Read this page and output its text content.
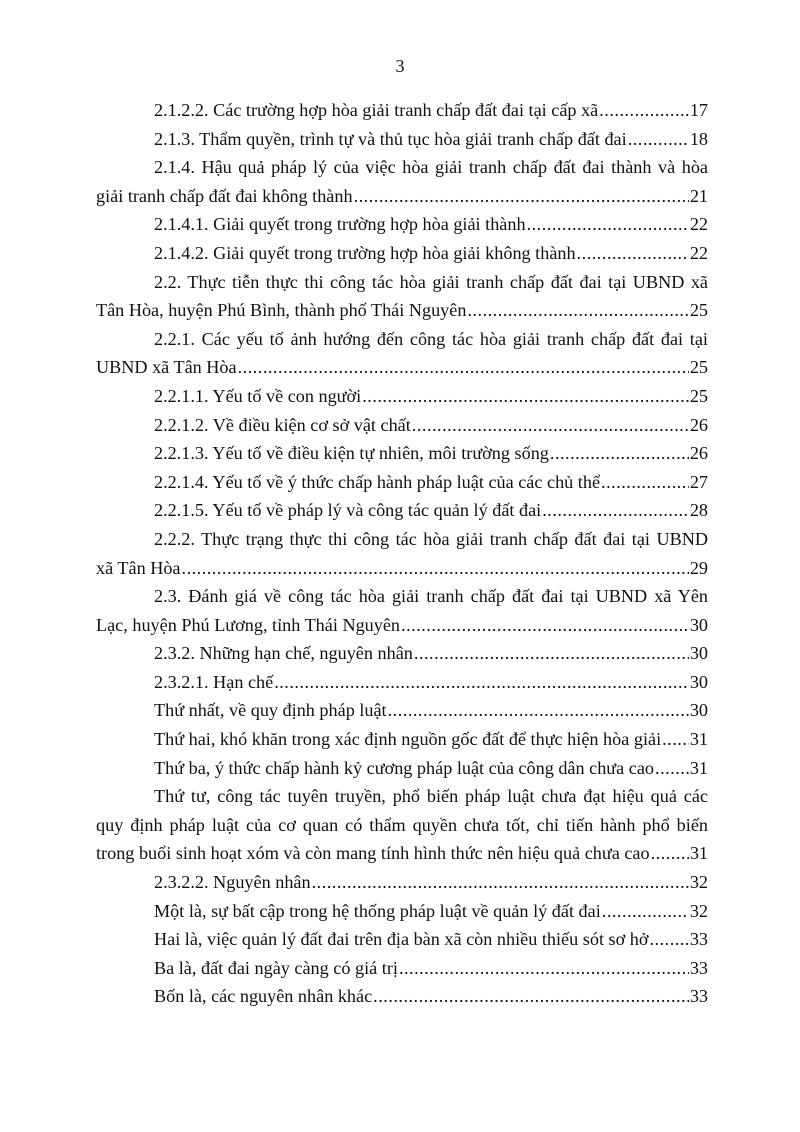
3
2.1.2.2. Các trường hợp hòa giải tranh chấp đất đai tại cấp xã .....	17
2.1.3. Thẩm quyền, trình tự và thủ tục hòa giải tranh chấp đất đai .....	18
2.1.4. Hậu quả pháp lý của việc hòa giải tranh chấp đất đai thành và hòa
giải tranh chấp đất đai không thành .....	21
2.1.4.1. Giải quyết trong trường hợp hòa giải thành .....	22
2.1.4.2. Giải quyết trong trường hợp hòa giải không thành .....	22
2.2. Thực tiễn thực thi công tác hòa giải tranh chấp đất đai tại UBND xã
Tân Hòa, huyện Phú Bình, thành phố Thái Nguyên .....	25
2.2.1. Các yếu tố ảnh hướng đến công tác hòa giải tranh chấp đất đai tại
UBND xã Tân Hòa .....	25
2.2.1.1. Yếu tố về con người .....	25
2.2.1.2. Về điều kiện cơ sở vật chất .....	26
2.2.1.3. Yếu tố về điều kiện tự nhiên, môi trường sống .....	26
2.2.1.4. Yếu tố về ý thức chấp hành pháp luật của các chủ thể .....	27
2.2.1.5. Yếu tố về pháp lý và công tác quản lý đất đai .....	28
2.2.2. Thực trạng thực thi công tác hòa giải tranh chấp đất đai tại UBND
xã Tân Hòa .....	29
2.3. Đánh giá về công tác hòa giải tranh chấp đất đai tại UBND xã Yên
Lạc, huyện Phú Lương, tỉnh Thái Nguyên .....	30
2.3.2. Những hạn chế, nguyên nhân .....	30
2.3.2.1. Hạn chế .....	30
Thứ nhất, về quy định pháp luật .....	30
Thứ hai, khó khăn trong xác định nguồn gốc đất để thực hiện hòa giải ..... 31
Thứ ba, ý thức chấp hành kỷ cương pháp luật của công dân chưa cao ..... 31
Thứ tư, công tác tuyên truyền, phổ biến pháp luật chưa đạt hiệu quả các
quy định pháp luật của cơ quan có thẩm quyền chưa tốt, chỉ tiến hành phổ biến
trong buổi sinh hoạt xóm và còn mang tính hình thức nên hiệu quả chưa cao ..... 31
2.3.2.2. Nguyên nhân .....	32
Một là, sự bất cập trong hệ thống pháp luật về quản lý đất đai .....	32
Hai là, việc quản lý đất đai trên địa bàn xã còn nhiều thiếu sót sơ hở ..... 33
Ba là, đất đai ngày càng có giá trị .....	33
Bốn là, các nguyên nhân khác .....	33
